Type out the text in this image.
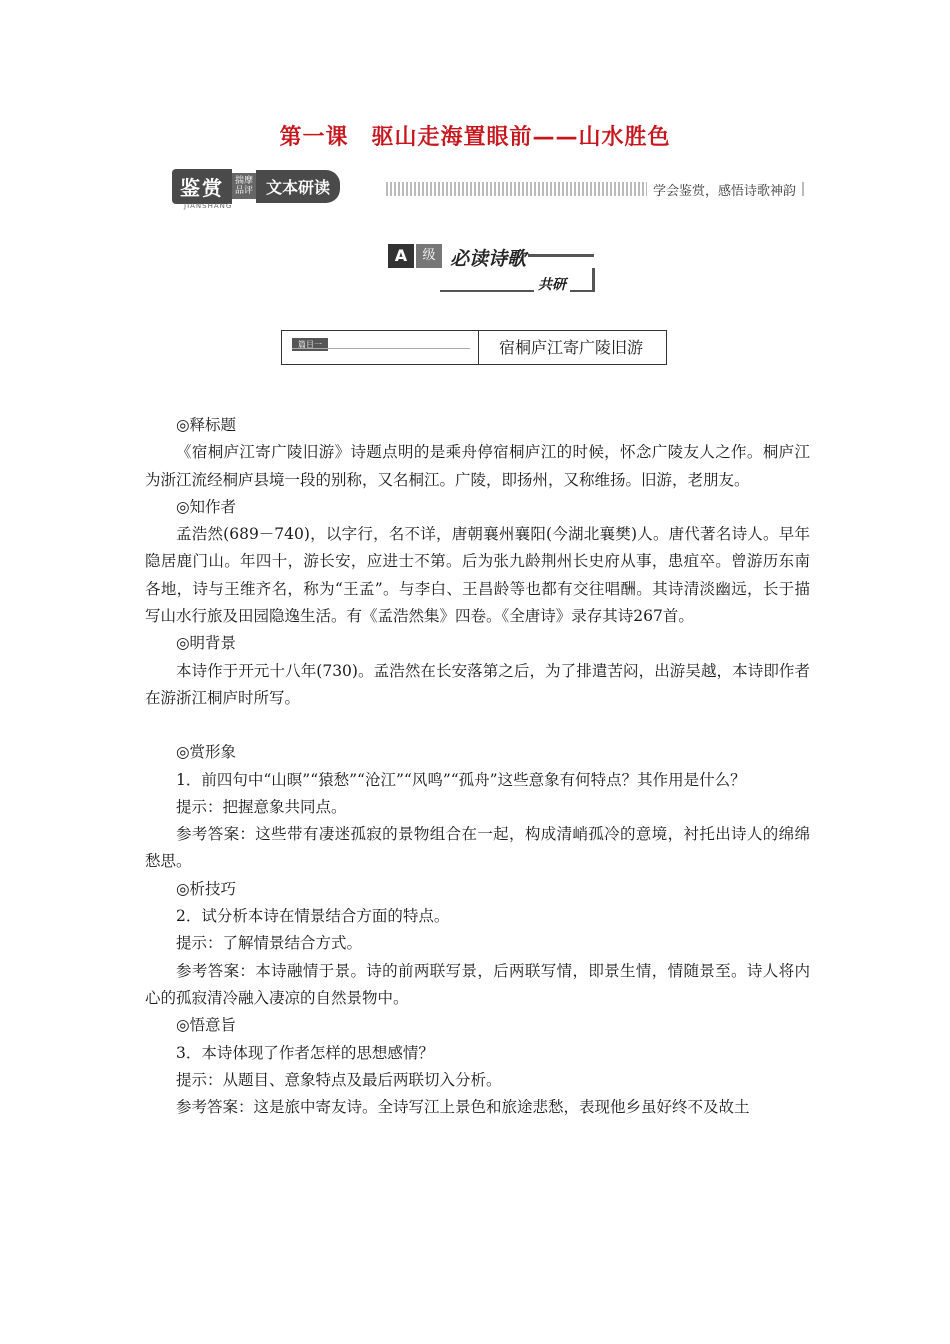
第一课　驱山走海置眼前——山水胜色
鉴赏	揣摩
品评 文本研读
JIANSHANG
学会鉴赏，感悟诗歌神韵
A	级 必读诗歌
共研
篇目一	宿桐庐江寄广陵旧游

◎释标题

《宿桐庐江寄广陵旧游》诗题点明的是乘舟停宿桐庐江的时候，怀念广陵友人之作。桐庐江为浙江流经桐庐县境一段的别称，又名桐江。广陵，即扬州，又称维扬。旧游，老朋友。

◎知作者

孟浩然(689－740)，以字行，名不详，唐朝襄州襄阳(今湖北襄樊)人。唐代著名诗人。早年隐居鹿门山。年四十，游长安，应进士不第。后为张九龄荆州长史府从事，患疽卒。曾游历东南各地，诗与王维齐名，称为“王孟”。与李白、王昌龄等也都有交往唱酬。其诗清淡幽远，长于描写山水行旅及田园隐逸生活。有《孟浩然集》四卷。《全唐诗》录存其诗267首。

◎明背景

本诗作于开元十八年(730)。孟浩然在长安落第之后，为了排遣苦闷，出游吴越，本诗即作者在游浙江桐庐时所写。

◎赏形象

1．前四句中“山暝”“猿愁”“沧江”“风鸣”“孤舟”这些意象有何特点？其作用是什么？

提示：把握意象共同点。

参考答案：这些带有凄迷孤寂的景物组合在一起，构成清峭孤冷的意境，衬托出诗人的绵绵愁思。

◎析技巧

2．试分析本诗在情景结合方面的特点。

提示：了解情景结合方式。

参考答案：本诗融情于景。诗的前两联写景，后两联写情，即景生情，情随景至。诗人将内心的孤寂清冷融入凄凉的自然景物中。

◎悟意旨

3．本诗体现了作者怎样的思想感情？

提示：从题目、意象特点及最后两联切入分析。

参考答案：这是旅中寄友诗。全诗写江上景色和旅途悲愁，表现他乡虽好终不及故土
